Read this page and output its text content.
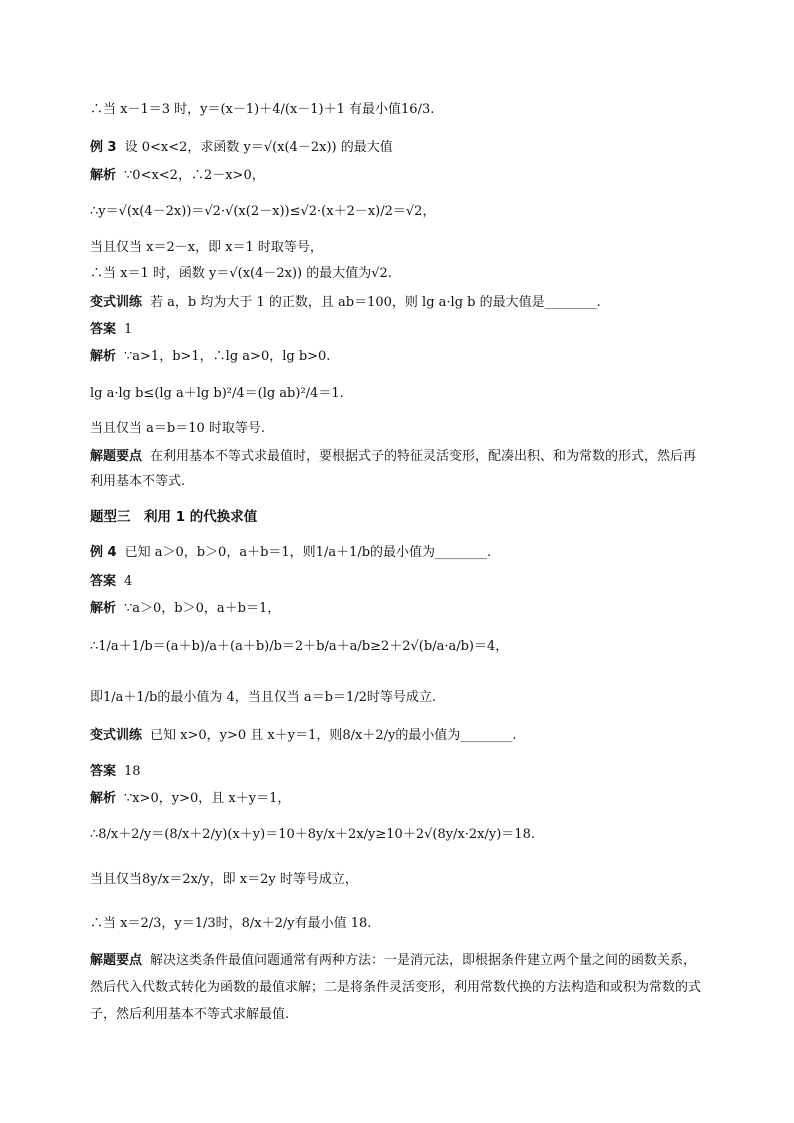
∴当 x－1＝3 时，y＝(x－1)＋4/(x－1)＋1 有最小值16/3.
例 3 设 0<x<2，求函数 y＝√(x(4－2x)) 的最大值
解析 ∵0<x<2，∴2－x>0，
∴y＝√(x(4－2x))＝√2·√(x(2－x))≤√2·(x＋2－x)/2＝√2，
当且仅当 x＝2－x，即 x＝1 时取等号，
∴当 x＝1 时，函数 y＝√(x(4－2x)) 的最大值为√2.
变式训练 若 a，b 均为大于 1 的正数，且 ab＝100，则 lg a·lg b 的最大值是________.
答案 1
解析 ∵a>1，b>1，∴lg a>0，lg b>0.
lg a·lg b≤(lg a＋lg b)²/4＝(lg ab)²/4＝1.
当且仅当 a＝b＝10 时取等号.
解题要点 在利用基本不等式求最值时，要根据式子的特征灵活变形，配凑出积、和为常数的形式，然后再利用基本不等式.
题型三　利用 1 的代换求值
例 4 已知 a＞0，b＞0，a＋b＝1，则1/a＋1/b的最小值为________.
答案 4
解析 ∵a＞0，b＞0，a＋b＝1，
∴1/a＋1/b＝(a＋b)/a＋(a＋b)/b＝2＋b/a＋a/b≥2＋2√(b/a·a/b)＝4，
即1/a＋1/b的最小值为 4，当且仅当 a＝b＝1/2时等号成立.
变式训练 已知 x>0，y>0 且 x＋y＝1，则8/x＋2/y的最小值为________.
答案 18
解析 ∵x>0，y>0，且 x＋y＝1，
∴8/x＋2/y＝(8/x＋2/y)(x＋y)＝10＋8y/x＋2x/y≥10＋2√(8y/x·2x/y)＝18.
当且仅当8y/x＝2x/y，即 x＝2y 时等号成立，
∴当 x＝2/3，y＝1/3时，8/x＋2/y有最小值 18.
解题要点 解决这类条件最值问题通常有两种方法：一是消元法，即根据条件建立两个量之间的函数关系，然后代入代数式转化为函数的最值求解；二是将条件灵活变形，利用常数代换的方法构造和或积为常数的式子，然后利用基本不等式求解最值.
